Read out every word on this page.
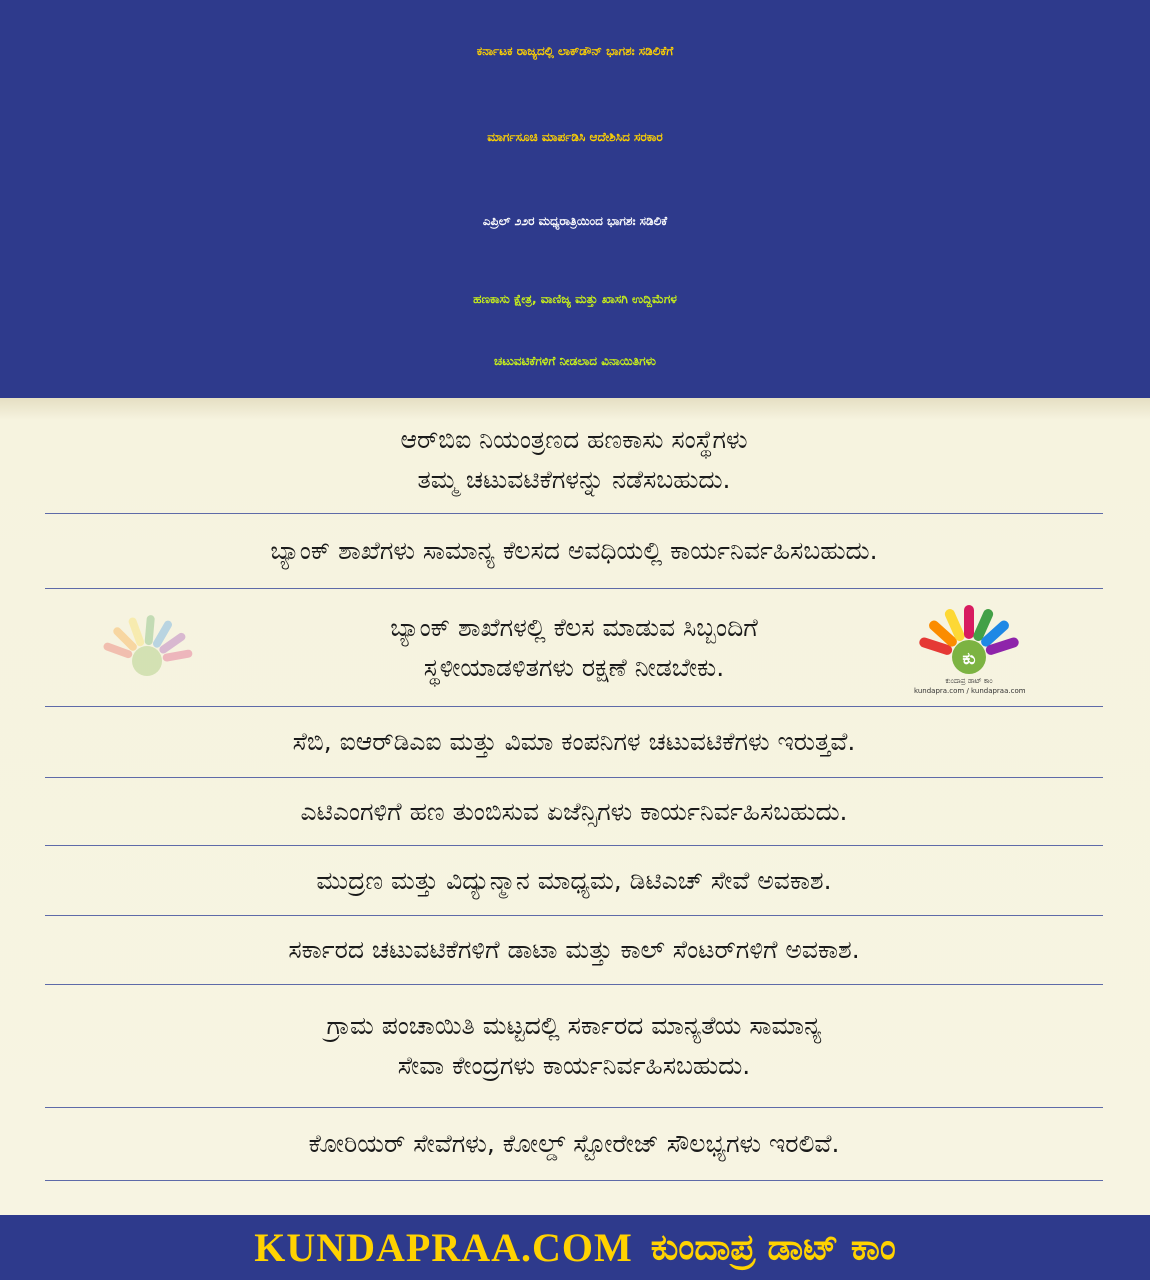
ಕರ್ನಾಟಕ ರಾಜ್ಯದಲ್ಲಿ ಲಾಕ್‌ಡೌನ್ ಭಾಗಶಃ ಸಡಿಲಿಕೆಗೆ
ಮಾರ್ಗಸೂಚಿ ಮಾರ್ಪಡಿಸಿ ಆದೇಶಿಸಿದ ಸರಕಾರ
ಎಪ್ರಿಲ್ ೨೨ರ ಮಧ್ಯರಾತ್ರಿಯಿಂದ ಭಾಗಶಃ ಸಡಿಲಿಕೆ
ಹಣಕಾಸು ಕ್ಷೇತ್ರ, ವಾಣಿಜ್ಯ ಮತ್ತು ಖಾಸಗಿ ಉದ್ದಿಮೆಗಳ
ಚಟುವಟಿಕೆಗಳಿಗೆ ನೀಡಲಾದ ವಿನಾಯಿತಿಗಳು
ಆರ್‌ಬಿಐ ನಿಯಂತ್ರಣದ ಹಣಕಾಸು ಸಂಸ್ಥೆಗಳು
ತಮ್ಮ ಚಟುವಟಿಕೆಗಳನ್ನು ನಡೆಸಬಹುದು.
ಬ್ಯಾಂಕ್ ಶಾಖೆಗಳು ಸಾಮಾನ್ಯ ಕೆಲಸದ ಅವಧಿಯಲ್ಲಿ ಕಾರ್ಯನಿರ್ವಹಿಸಬಹುದು.
ಬ್ಯಾಂಕ್ ಶಾಖೆಗಳಲ್ಲಿ ಕೆಲಸ ಮಾಡುವ ಸಿಬ್ಬಂದಿಗೆ
ಸ್ಥಳೀಯಾಡಳಿತಗಳು ರಕ್ಷಣೆ ನೀಡಬೇಕು.
ಸೆಬಿ, ಐಆರ್‌ಡಿಎಐ ಮತ್ತು ವಿಮಾ ಕಂಪನಿಗಳ ಚಟುವಟಿಕೆಗಳು ಇರುತ್ತವೆ.
ಎಟಿಎಂಗಳಿಗೆ ಹಣ ತುಂಬಿಸುವ ಏಜೆನ್ಸಿಗಳು ಕಾರ್ಯನಿರ್ವಹಿಸಬಹುದು.
ಮುದ್ರಣ ಮತ್ತು ವಿದ್ಯುನ್ಮಾನ ಮಾಧ್ಯಮ, ಡಿಟಿಎಚ್ ಸೇವೆ ಅವಕಾಶ.
ಸರ್ಕಾರದ ಚಟುವಟಿಕೆಗಳಿಗೆ ಡಾಟಾ ಮತ್ತು ಕಾಲ್ ಸೆಂಟರ್‌ಗಳಿಗೆ ಅವಕಾಶ.
ಗ್ರಾಮ ಪಂಚಾಯಿತಿ ಮಟ್ಟದಲ್ಲಿ ಸರ್ಕಾರದ ಮಾನ್ಯತೆಯ ಸಾಮಾನ್ಯ
ಸೇವಾ ಕೇಂದ್ರಗಳು ಕಾರ್ಯನಿರ್ವಹಿಸಬಹುದು.
ಕೋರಿಯರ್ ಸೇವೆಗಳು, ಕೋಲ್ಡ್ ಸ್ಟೋರೇಜ್ ಸೌಲಭ್ಯಗಳು ಇರಲಿವೆ.
ಕು
ಕುಂದಾಪ್ರ ಡಾಟ್ ಕಾಂ
kundapra.com / kundapraa.com
KUNDAPRAA.COM ಕುಂದಾಪ್ರ ಡಾಟ್ ಕಾಂ
